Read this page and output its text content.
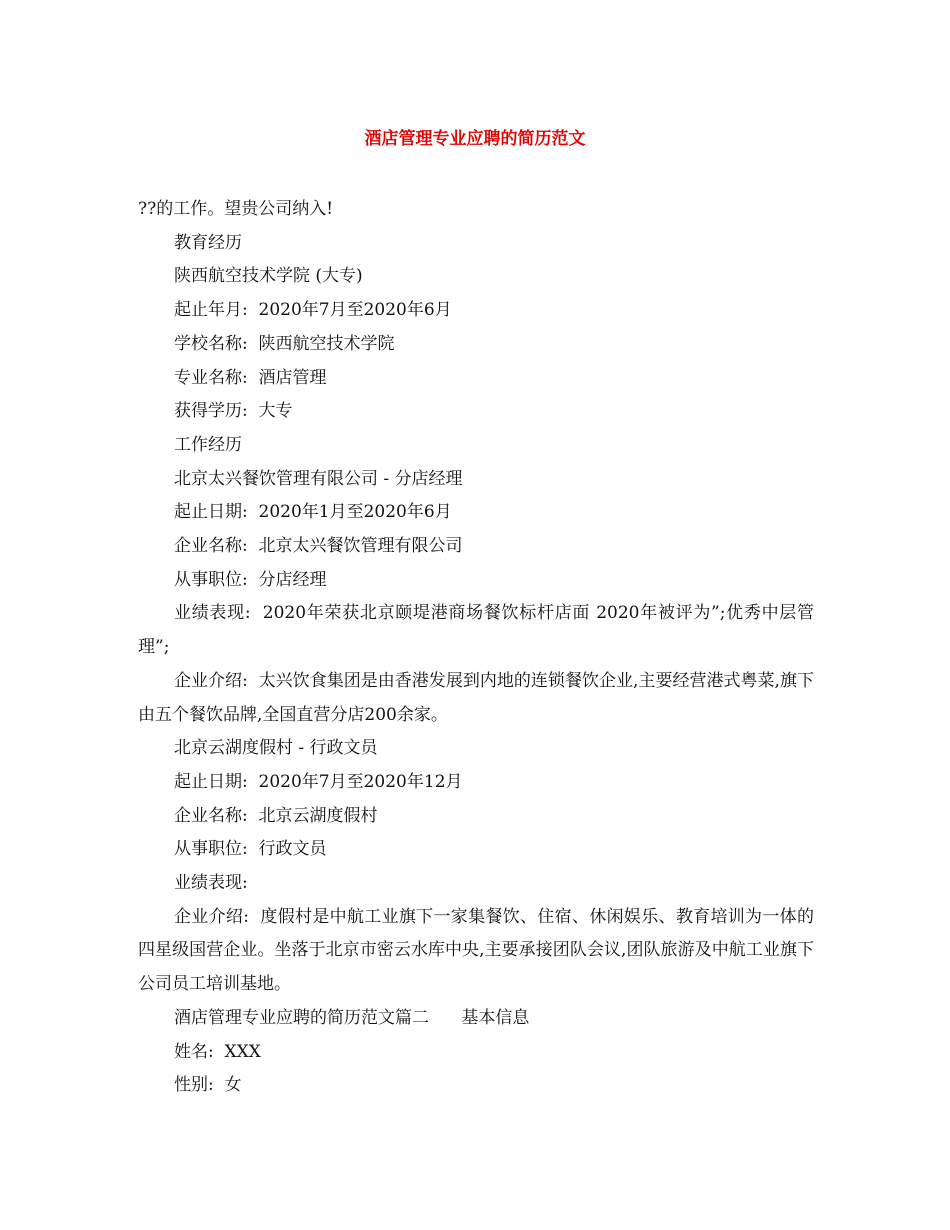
酒店管理专业应聘的简历范文

??的工作。望贵公司纳入!

教育经历

陕西航空技术学院 (大专)

起止年月:  2020年7月至2020年6月

学校名称:  陕西航空技术学院

专业名称:  酒店管理

获得学历:  大专

工作经历

北京太兴餐饮管理有限公司 - 分店经理

起止日期:  2020年1月至2020年6月

企业名称:  北京太兴餐饮管理有限公司

从事职位:  分店经理

业绩表现:  2020年荣获北京颐堤港商场餐饮标杆店面 2020年被评为”;优秀中层管理”;

企业介绍:  太兴饮食集团是由香港发展到内地的连锁餐饮企业,主要经营港式粤菜,旗下由五个餐饮品牌,全国直营分店200余家。

北京云湖度假村 - 行政文员

起止日期:  2020年7月至2020年12月

企业名称:  北京云湖度假村

从事职位:  行政文员

业绩表现:

企业介绍:  度假村是中航工业旗下一家集餐饮、住宿、休闲娱乐、教育培训为一体的四星级国营企业。坐落于北京市密云水库中央,主要承接团队会议,团队旅游及中航工业旗下公司员工培训基地。

酒店管理专业应聘的简历范文篇二      基本信息

姓名:  XXX

性别:  女
